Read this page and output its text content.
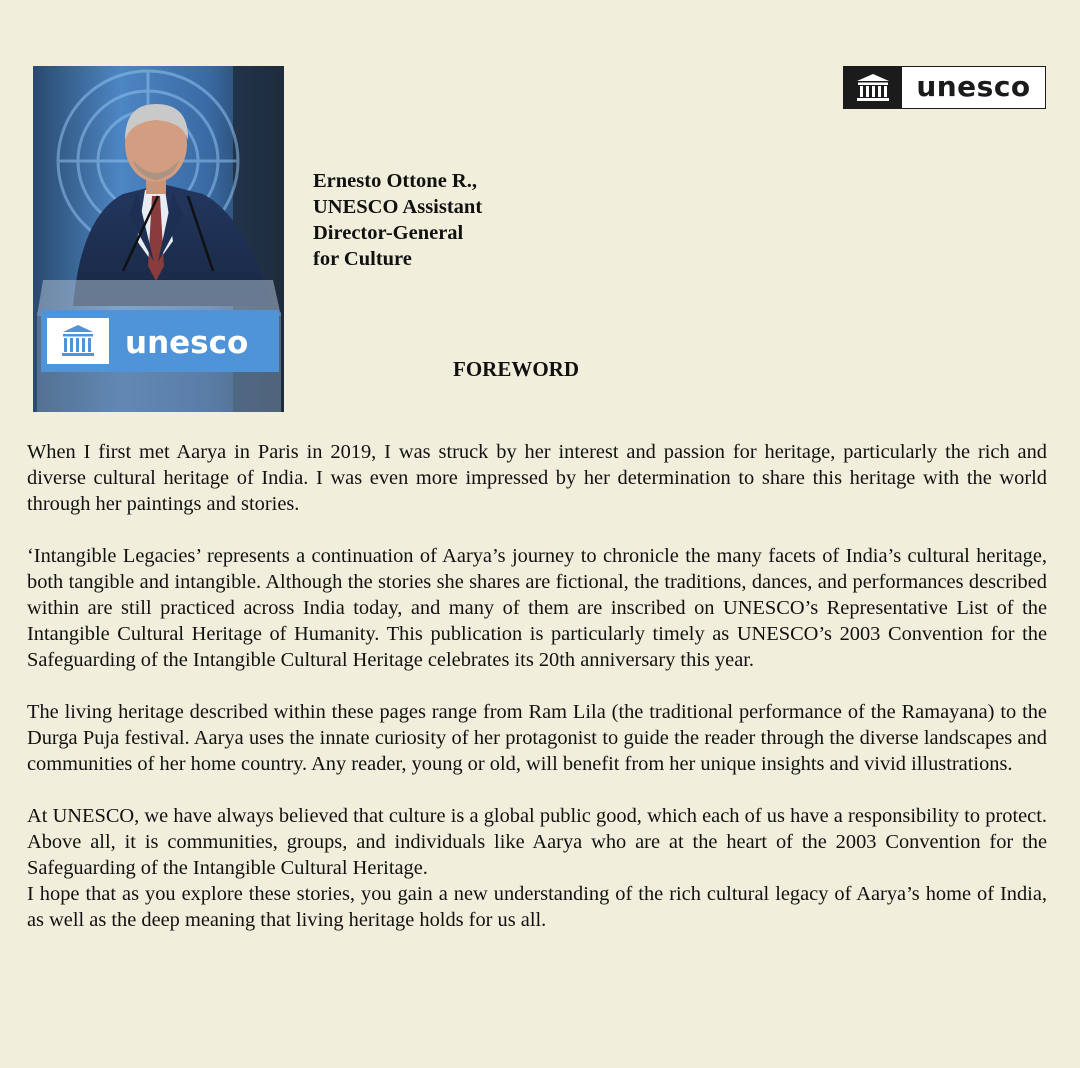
unesco
unesco
Ernesto Ottone R.,
UNESCO Assistant
Director-General
for Culture
FOREWORD

When I first met Aarya in Paris in 2019, I was struck by her interest and passion for heritage, particularly the rich and diverse cultural heritage of India. I was even more impressed by her determination to share this heritage with the world through her paintings and stories.

‘Intangible Legacies’ represents a continuation of Aarya’s journey to chronicle the many facets of India’s cultural heritage, both tangible and intangible. Although the stories she shares are fictional, the traditions, dances, and performances described within are still practiced across India today, and many of them are inscribed on UNESCO’s Representative List of the Intangible Cultural Heritage of Humanity. This publication is particularly timely as UNESCO’s 2003 Convention for the Safeguarding of the Intangible Cultural Heritage celebrates its 20th anniversary this year.

The living heritage described within these pages range from Ram Lila (the traditional performance of the Ramayana) to the Durga Puja festival. Aarya uses the innate curiosity of her protagonist to guide the reader through the diverse landscapes and communities of her home country. Any reader, young or old, will benefit from her unique insights and vivid illustrations.

At UNESCO, we have always believed that culture is a global public good, which each of us have a responsibility to protect. Above all, it is communities, groups, and individuals like Aarya who are at the heart of the 2003 Convention for the Safeguarding of the Intangible Cultural Heritage.

I hope that as you explore these stories, you gain a new understanding of the rich cultural legacy of Aarya’s home of India, as well as the deep meaning that living heritage holds for us all.
